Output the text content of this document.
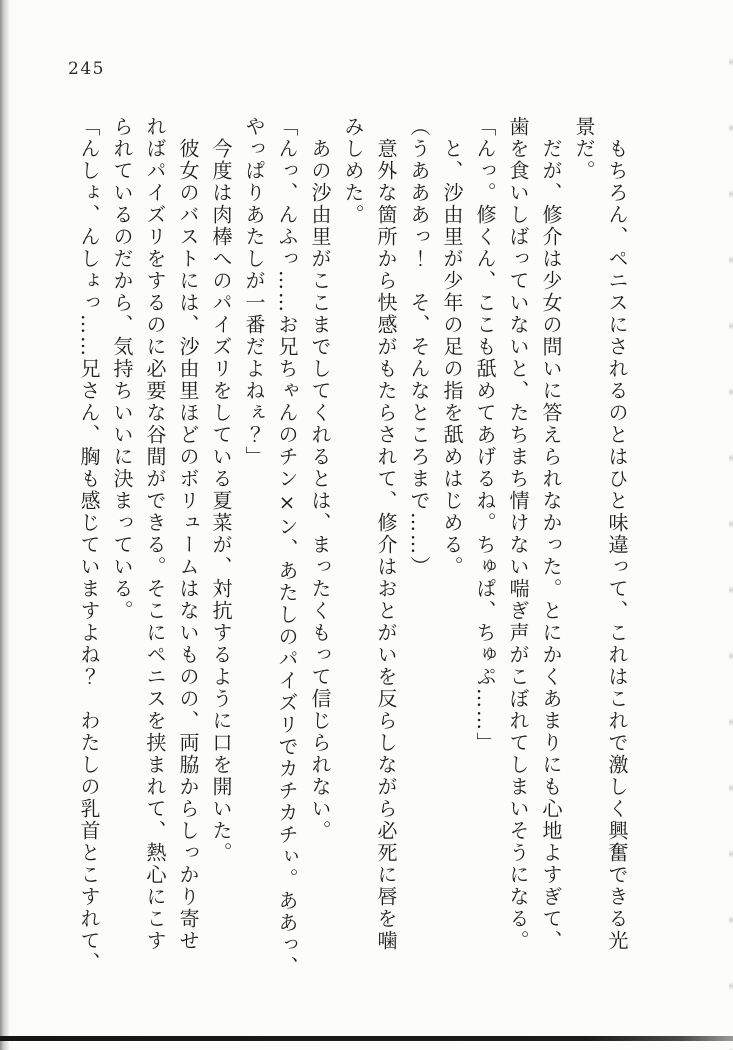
245

　もちろん、ペニスにされるのとはひと味違って、これはこれで激しく興奮できる光

景だ。

　だが、修介は少女の問いに答えられなかった。とにかくあまりにも心地よすぎて、

歯を食いしばっていないと、たちまち情けない喘ぎ声がこぼれてしまいそうになる。

「んっ。修くん、ここも舐めてあげるね。ちゅぱ、ちゅぷ……」

　と、沙由里が少年の足の指を舐めはじめる。

（うあああっ！　そ、そんなところまで……）

　意外な箇所から快感がもたらされて、修介はおとがいを反らしながら必死に唇を噛

みしめた。

　あの沙由里がここまでしてくれるとは、まったくもって信じられない。

「んっ、んふっ……お兄ちゃんのチン×ン、あたしのパイズリでカチカチぃ。ああっ、

やっぱりあたしが一番だよねぇ？」

　今度は肉棒へのパイズリをしている夏菜が、対抗するように口を開いた。

　彼女のバストには、沙由里ほどのボリュームはないものの、両脇からしっかり寄せ

ればパイズリをするのに必要な谷間ができる。そこにペニスを挟まれて、熱心にこす

られているのだから、気持ちいいに決まっている。

「んしょ、んしょっ……兄さん、胸も感じていますよね？　わたしの乳首とこすれて、
